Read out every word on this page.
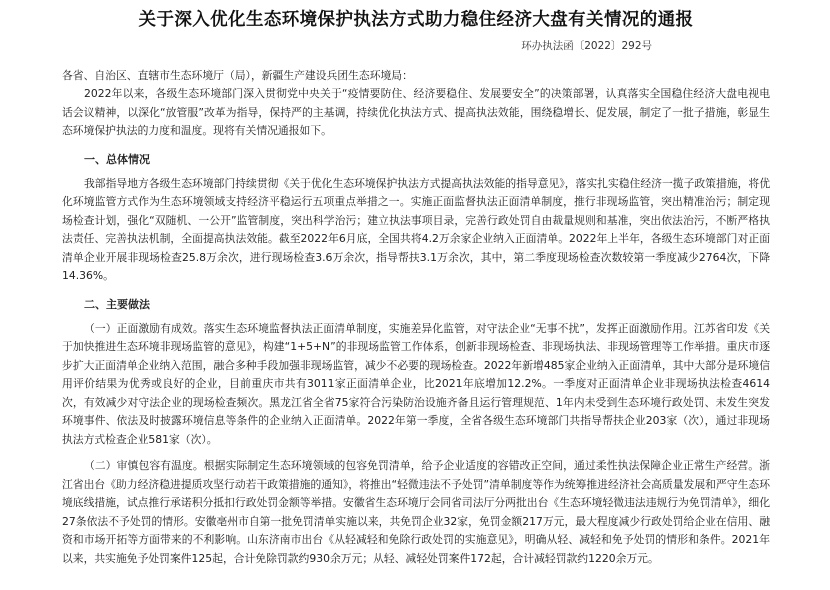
关于深入优化生态环境保护执法方式助力稳住经济大盘有关情况的通报
环办执法函〔2022〕292号
各省、自治区、直辖市生态环境厅（局），新疆生产建设兵团生态环境局：

2022年以来，各级生态环境部门深入贯彻党中央关于“疫情要防住、经济要稳住、发展要安全”的决策部署，认真落实全国稳住经济大盘电视电话会议精神，以深化“放管服”改革为指导，保持严的主基调，持续优化执法方式、提高执法效能，围绕稳增长、促发展，制定了一批子措施，彰显生态环境保护执法的力度和温度。现将有关情况通报如下。

一、总体情况

我部指导地方各级生态环境部门持续贯彻《关于优化生态环境保护执法方式提高执法效能的指导意见》，落实扎实稳住经济一揽子政策措施，将优化环境监管方式作为生态环境领域支持经济平稳运行五项重点举措之一。实施正面监督执法正面清单制度，推行非现场监管，突出精准治污；制定现场检查计划，强化“双随机、一公开”监管制度，突出科学治污；建立执法事项目录，完善行政处罚自由裁量规则和基准，突出依法治污，不断严格执法责任、完善执法机制，全面提高执法效能。截至2022年6月底，全国共将4.2万余家企业纳入正面清单。2022年上半年，各级生态环境部门对正面清单企业开展非现场检查25.8万余次，进行现场检查3.6万余次，指导帮扶3.1万余次，其中，第二季度现场检查次数较第一季度减少2764次，下降14.36%。

二、主要做法

（一）正面激励有成效。落实生态环境监督执法正面清单制度，实施差异化监管，对守法企业“无事不扰”，发挥正面激励作用。江苏省印发《关于加快推进生态环境非现场监管的意见》，构建“1+5+N”的非现场监管工作体系，创新非现场检查、非现场执法、非现场管理等工作举措。重庆市逐步扩大正面清单企业纳入范围，融合多种手段加强非现场监管，减少不必要的现场检查。2022年新增485家企业纳入正面清单，其中大部分是环境信用评价结果为优秀或良好的企业，目前重庆市共有3011家正面清单企业，比2021年底增加12.2%。一季度对正面清单企业非现场执法检查4614次，有效减少对守法企业的现场检查频次。黑龙江省全省75家符合污染防治设施齐备且运行管理规范、1年内未受到生态环境行政处罚、未发生突发环境事件、依法及时披露环境信息等条件的企业纳入正面清单。2022年第一季度，全省各级生态环境部门共指导帮扶企业203家（次），通过非现场执法方式检查企业581家（次）。

（二）审慎包容有温度。根据实际制定生态环境领域的包容免罚清单，给予企业适度的容错改正空间，通过柔性执法保障企业正常生产经营。浙江省出台《助力经济稳进提质攻坚行动若干政策措施的通知》，将推出“轻微违法不予处罚”清单制度等作为统筹推进经济社会高质量发展和严守生态环境底线措施，试点推行承诺积分抵扣行政处罚金额等举措。安徽省生态环境厅会同省司法厅分两批出台《生态环境轻微违法违规行为免罚清单》，细化27条依法不予处罚的情形。安徽亳州市自第一批免罚清单实施以来，共免罚企业32家，免罚金额217万元，最大程度减少行政处罚给企业在信用、融资和市场开拓等方面带来的不利影响。山东济南市出台《从轻减轻和免除行政处罚的实施意见》，明确从轻、减轻和免予处罚的情形和条件。2021年以来，共实施免予处罚案件125起，合计免除罚款约930余万元；从轻、减轻处罚案件172起，合计减轻罚款约1220余万元。
